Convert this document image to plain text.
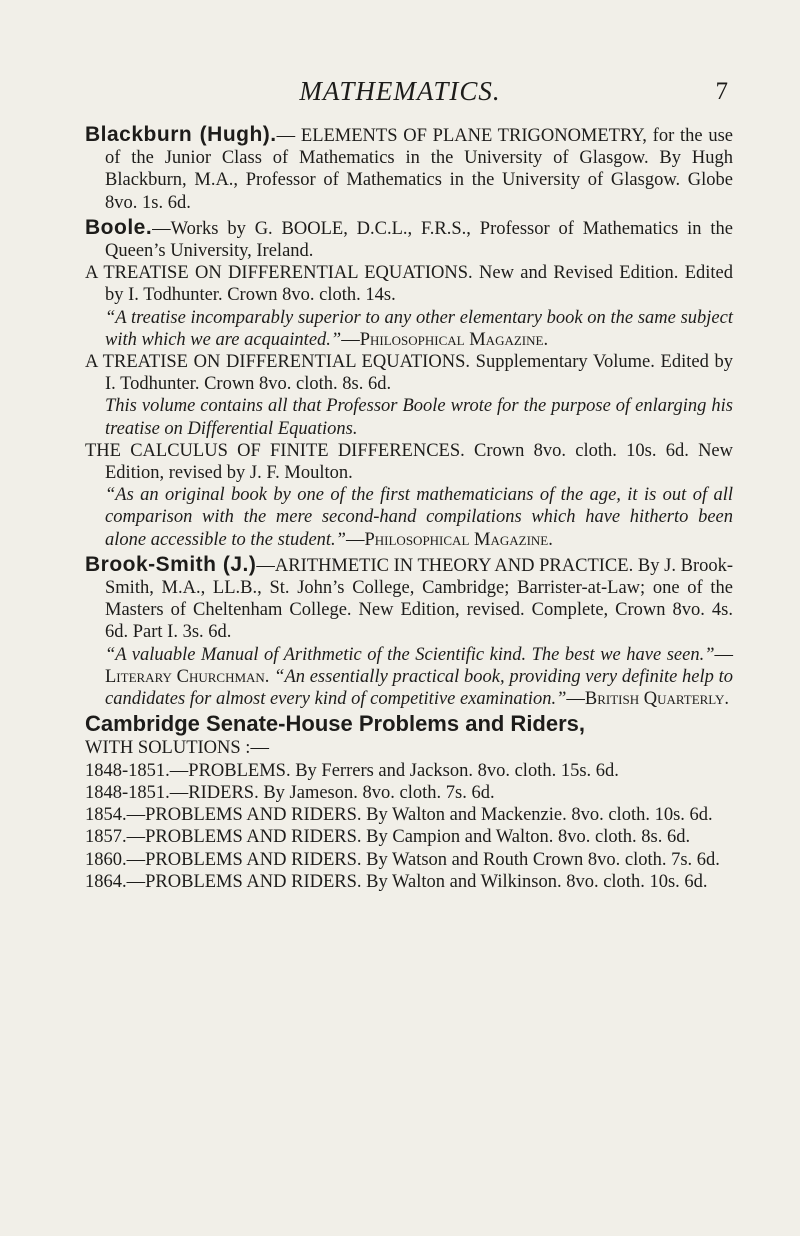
MATHEMATICS.	7

Blackburn (Hugh).— ELEMENTS OF PLANE TRIGONOMETRY, for the use of the Junior Class of Mathematics in the University of Glasgow. By Hugh Blackburn, M.A., Professor of Mathematics in the University of Glasgow. Globe 8vo. 1s. 6d.

Boole.—Works by G. BOOLE, D.C.L., F.R.S., Professor of Mathematics in the Queen’s University, Ireland.

A TREATISE ON DIFFERENTIAL EQUATIONS. New and Revised Edition. Edited by I. Todhunter. Crown 8vo. cloth. 14s.

“A treatise incomparably superior to any other elementary book on the same subject with which we are acquainted.”—Philosophical Magazine.

A TREATISE ON DIFFERENTIAL EQUATIONS. Supplementary Volume. Edited by I. Todhunter. Crown 8vo. cloth. 8s. 6d.

This volume contains all that Professor Boole wrote for the purpose of enlarging his treatise on Differential Equations.

THE CALCULUS OF FINITE DIFFERENCES. Crown 8vo. cloth. 10s. 6d. New Edition, revised by J. F. Moulton.

“As an original book by one of the first mathematicians of the age, it is out of all comparison with the mere second-hand compilations which have hitherto been alone accessible to the student.”—Philosophical Magazine.

Brook-Smith (J.)—ARITHMETIC IN THEORY AND PRACTICE. By J. Brook-Smith, M.A., LL.B., St. John’s College, Cambridge; Barrister-at-Law; one of the Masters of Cheltenham College. New Edition, revised. Complete, Crown 8vo. 4s. 6d. Part I. 3s. 6d.

“A valuable Manual of Arithmetic of the Scientific kind. The best we have seen.”—Literary Churchman. “An essentially practical book, providing very definite help to candidates for almost every kind of competitive examination.”—British Quarterly.

Cambridge Senate-House Problems and Riders,

WITH SOLUTIONS :—

1848-1851.—PROBLEMS. By Ferrers and Jackson. 8vo. cloth. 15s. 6d.

1848-1851.—RIDERS. By Jameson. 8vo. cloth. 7s. 6d.

1854.—PROBLEMS AND RIDERS. By Walton and Mackenzie. 8vo. cloth. 10s. 6d.

1857.—PROBLEMS AND RIDERS. By Campion and Walton. 8vo. cloth. 8s. 6d.

1860.—PROBLEMS AND RIDERS. By Watson and Routh Crown 8vo. cloth. 7s. 6d.

1864.—PROBLEMS AND RIDERS. By Walton and Wilkinson. 8vo. cloth. 10s. 6d.
